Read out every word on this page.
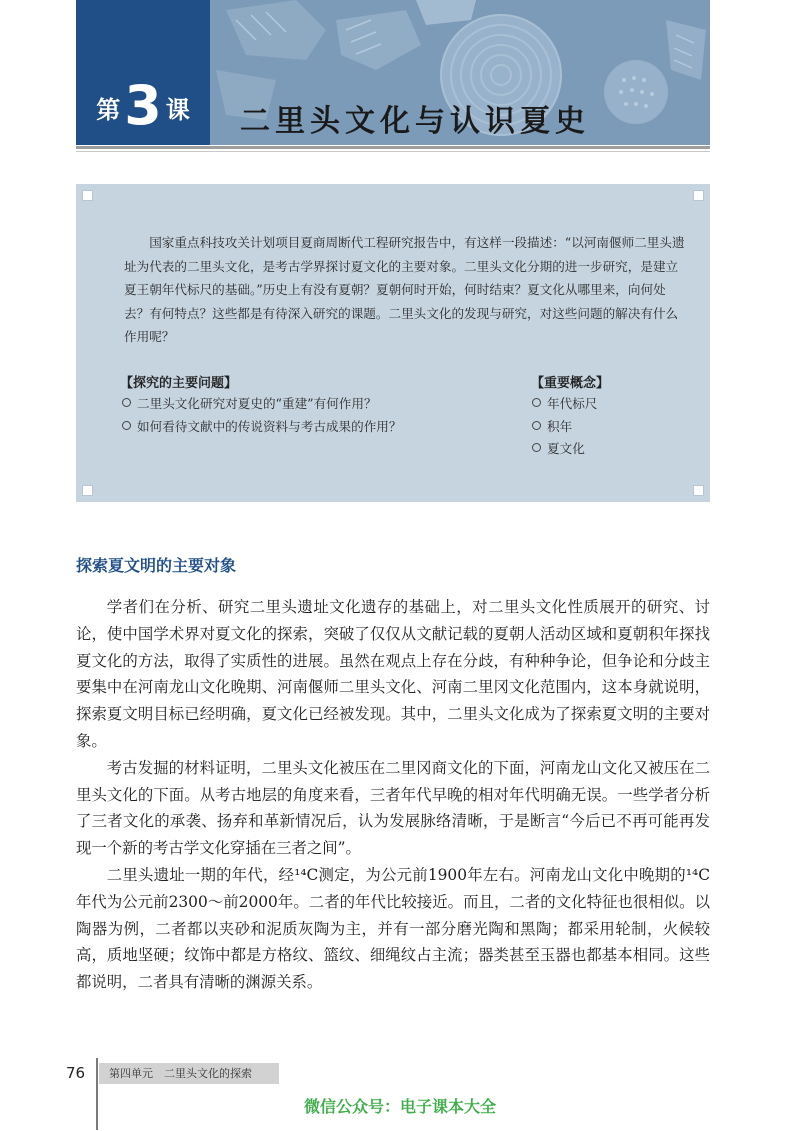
第3 课	二里头文化与认识夏史

国家重点科技攻关计划项目夏商周断代工程研究报告中，有这样一段描述：“以河南偃师二里头遗址为代表的二里头文化，是考古学界探讨夏文化的主要对象。二里头文化分期的进一步研究，是建立夏王朝年代标尺的基础。”历史上有没有夏朝？夏朝何时开始，何时结束？夏文化从哪里来，向何处去？有何特点？这些都是有待深入研究的课题。二里头文化的发现与研究，对这些问题的解决有什么作用呢？

【探究的主要问题】
二里头文化研究对夏史的“重建”有何作用？
如何看待文献中的传说资料与考古成果的作用？
【重要概念】
年代标尺
积年
夏文化
探索夏文明的主要对象

学者们在分析、研究二里头遗址文化遗存的基础上，对二里头文化性质展开的研究、讨论，使中国学术界对夏文化的探索，突破了仅仅从文献记载的夏朝人活动区域和夏朝积年探找夏文化的方法，取得了实质性的进展。虽然在观点上存在分歧，有种种争论，但争论和分歧主要集中在河南龙山文化晚期、河南偃师二里头文化、河南二里冈文化范围内，这本身就说明，探索夏文明目标已经明确，夏文化已经被发现。其中，二里头文化成为了探索夏文明的主要对象。

考古发掘的材料证明，二里头文化被压在二里冈商文化的下面，河南龙山文化又被压在二里头文化的下面。从考古地层的角度来看，三者年代早晚的相对年代明确无误。一些学者分析了三者文化的承袭、扬弃和革新情况后，认为发展脉络清晰，于是断言“今后已不再可能再发现一个新的考古学文化穿插在三者之间”。

二里头遗址一期的年代，经¹⁴C测定，为公元前1900年左右。河南龙山文化中晚期的¹⁴C年代为公元前2300～前2000年。二者的年代比较接近。而且，二者的文化特征也很相似。以陶器为例，二者都以夹砂和泥质灰陶为主，并有一部分磨光陶和黑陶；都采用轮制，火候较高，质地坚硬；纹饰中都是方格纹、篮纹、细绳纹占主流；器类甚至玉器也都基本相同。这些都说明，二者具有清晰的渊源关系。

76	第四单元　二里头文化的探索
微信公众号：电子课本大全
